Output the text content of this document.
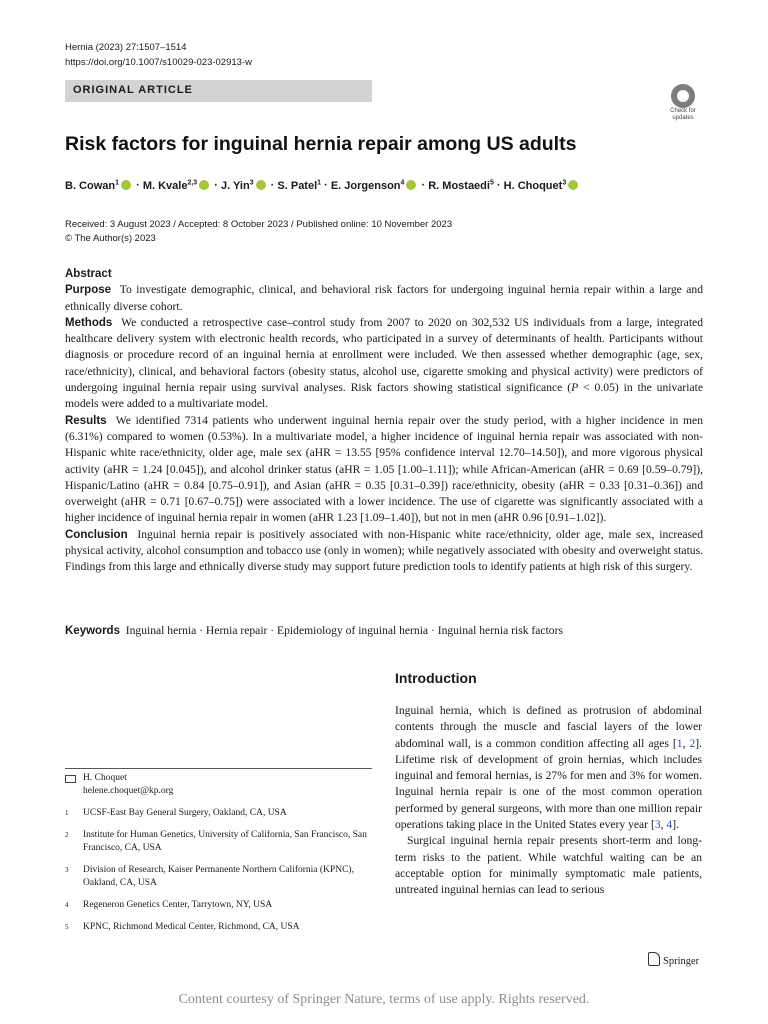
Hernia (2023) 27:1507–1514
https://doi.org/10.1007/s10029-023-02913-w
ORIGINAL ARTICLE
Check for updates
Risk factors for inguinal hernia repair among US adults
B. Cowan$^1$ · M. Kvale$^{2,3}$ · J. Yin$^3$ · S. Patel$^1$ · E. Jorgenson$^4$ · R. Mostaedi$^5$ · H. Choquet$^3$
Received: 3 August 2023 / Accepted: 8 October 2023 / Published online: 10 November 2023
© The Author(s) 2023
Abstract

Purpose To investigate demographic, clinical, and behavioral risk factors for undergoing inguinal hernia repair within a large and ethnically diverse cohort.

Methods We conducted a retrospective case–control study from 2007 to 2020 on 302,532 US individuals from a large, integrated healthcare delivery system with electronic health records, who participated in a survey of determinants of health. Participants without diagnosis or procedure record of an inguinal hernia at enrollment were included. We then assessed whether demographic (age, sex, race/ethnicity), clinical, and behavioral factors (obesity status, alcohol use, cigarette smoking and physical activity) were predictors of undergoing inguinal hernia repair using survival analyses. Risk factors showing statistical significance (P < 0.05) in the univariate models were added to a multivariate model.

Results We identified 7314 patients who underwent inguinal hernia repair over the study period, with a higher incidence in men (6.31%) compared to women (0.53%). In a multivariate model, a higher incidence of inguinal hernia repair was associated with non-Hispanic white race/ethnicity, older age, male sex (aHR = 13.55 [95% confidence interval 12.70–14.50]), and more vigorous physical activity (aHR = 1.24 [0.045]), and alcohol drinker status (aHR = 1.05 [1.00–1.11]); while African-American (aHR = 0.69 [0.59–0.79]), Hispanic/Latino (aHR = 0.84 [0.75–0.91]), and Asian (aHR = 0.35 [0.31–0.39]) race/ethnicity, obesity (aHR = 0.33 [0.31–0.36]) and overweight (aHR = 0.71 [0.67–0.75]) were associated with a lower incidence. The use of cigarette was significantly associated with a higher incidence of inguinal hernia repair in women (aHR 1.23 [1.09–1.40]), but not in men (aHR 0.96 [0.91–1.02]).

Conclusion Inguinal hernia repair is positively associated with non-Hispanic white race/ethnicity, older age, male sex, increased physical activity, alcohol consumption and tobacco use (only in women); while negatively associated with obesity and overweight status. Findings from this large and ethnically diverse study may support future prediction tools to identify patients at high risk of this surgery.

Keywords Inguinal hernia · Hernia repair · Epidemiology of inguinal hernia · Inguinal hernia risk factors
Introduction

Inguinal hernia, which is defined as protrusion of abdominal contents through the muscle and fascial layers of the lower abdominal wall, is a common condition affecting all ages [1, 2]. Lifetime risk of development of groin hernias, which includes inguinal and femoral hernias, is 27% for men and 3% for women. Inguinal hernia repair is one of the most common operation performed by general surgeons, with more than one million repair operations taking place in the United States every year [3, 4].

Surgical inguinal hernia repair presents short-term and long-term risks to the patient. While watchful waiting can be an acceptable option for minimally symptomatic male patients, untreated inguinal hernias can lead to serious

H. Choquet
helene.choquet@kp.org
1 UCSF-East Bay General Surgery, Oakland, CA, USA
2 Institute for Human Genetics, University of California, San Francisco, San Francisco, CA, USA
3 Division of Research, Kaiser Permanente Northern California (KPNC), Oakland, CA, USA
4 Regeneron Genetics Center, Tarrytown, NY, USA
5 KPNC, Richmond Medical Center, Richmond, CA, USA
Springer
Content courtesy of Springer Nature, terms of use apply. Rights reserved.
